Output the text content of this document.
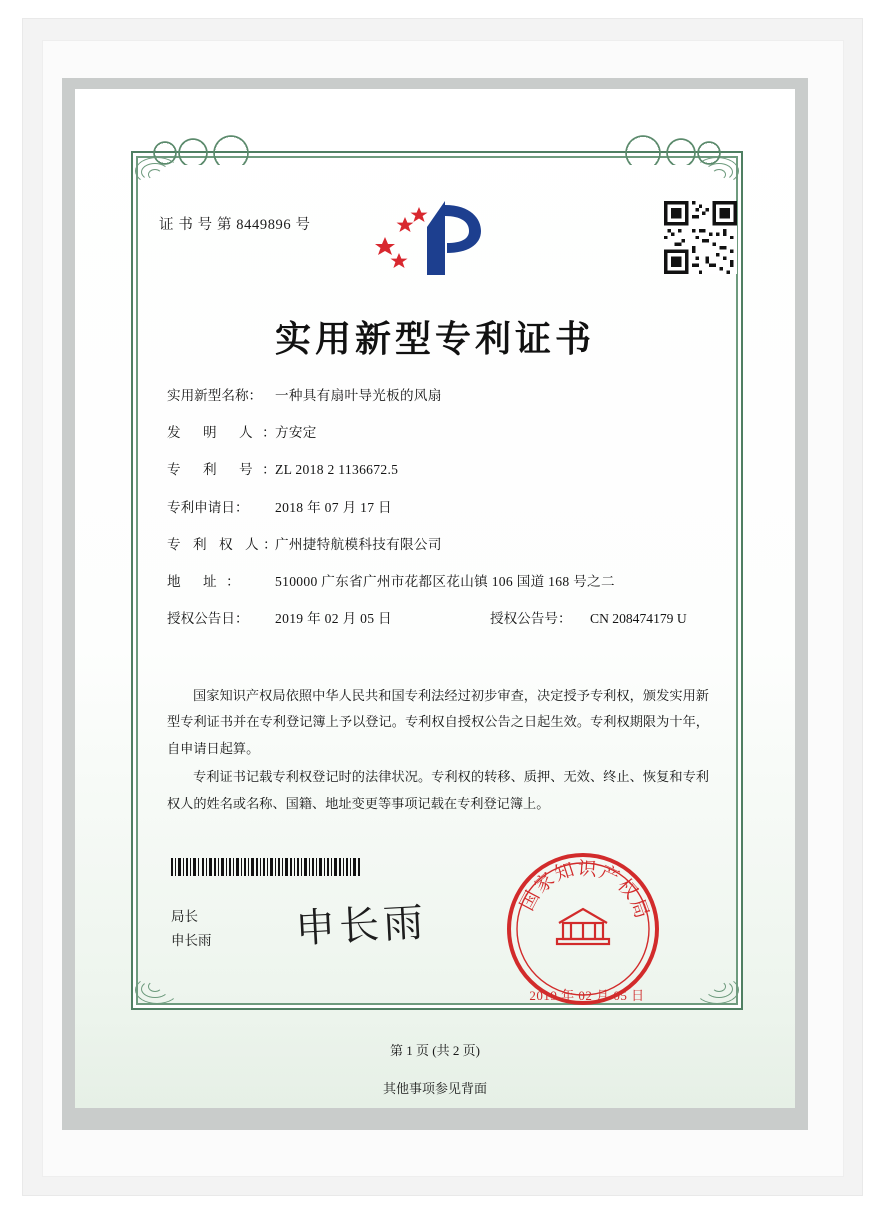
证 书 号 第 8449896 号
实用新型专利证书
实用新型名称： 一种具有扇叶导光板的风扇
发 明 人：
方安定
专 利 号：
ZL 2018 2 1136672.5
专利申请日：	2018 年 07 月 17 日
专 利 权 人：
广州捷特航模科技有限公司
地 址：	510000 广东省广州市花都区花山镇 106 国道 168 号之二
授权公告日：	2019 年 02 月 05 日	授权公告号：	CN 208474179 U

国家知识产权局依照中华人民共和国专利法经过初步审查，决定授予专利权，颁发实用新型专利证书并在专利登记簿上予以登记。专利权自授权公告之日起生效。专利权期限为十年，自申请日起算。

专利证书记载专利权登记时的法律状况。专利权的转移、质押、无效、终止、恢复和专利权人的姓名或名称、国籍、地址变更等事项记载在专利登记簿上。

局长
申长雨 申长雨	国
家
知 识
产
权
局
2019 年 02 月 05 日
第 1 页 (共 2 页)
其他事项参见背面
